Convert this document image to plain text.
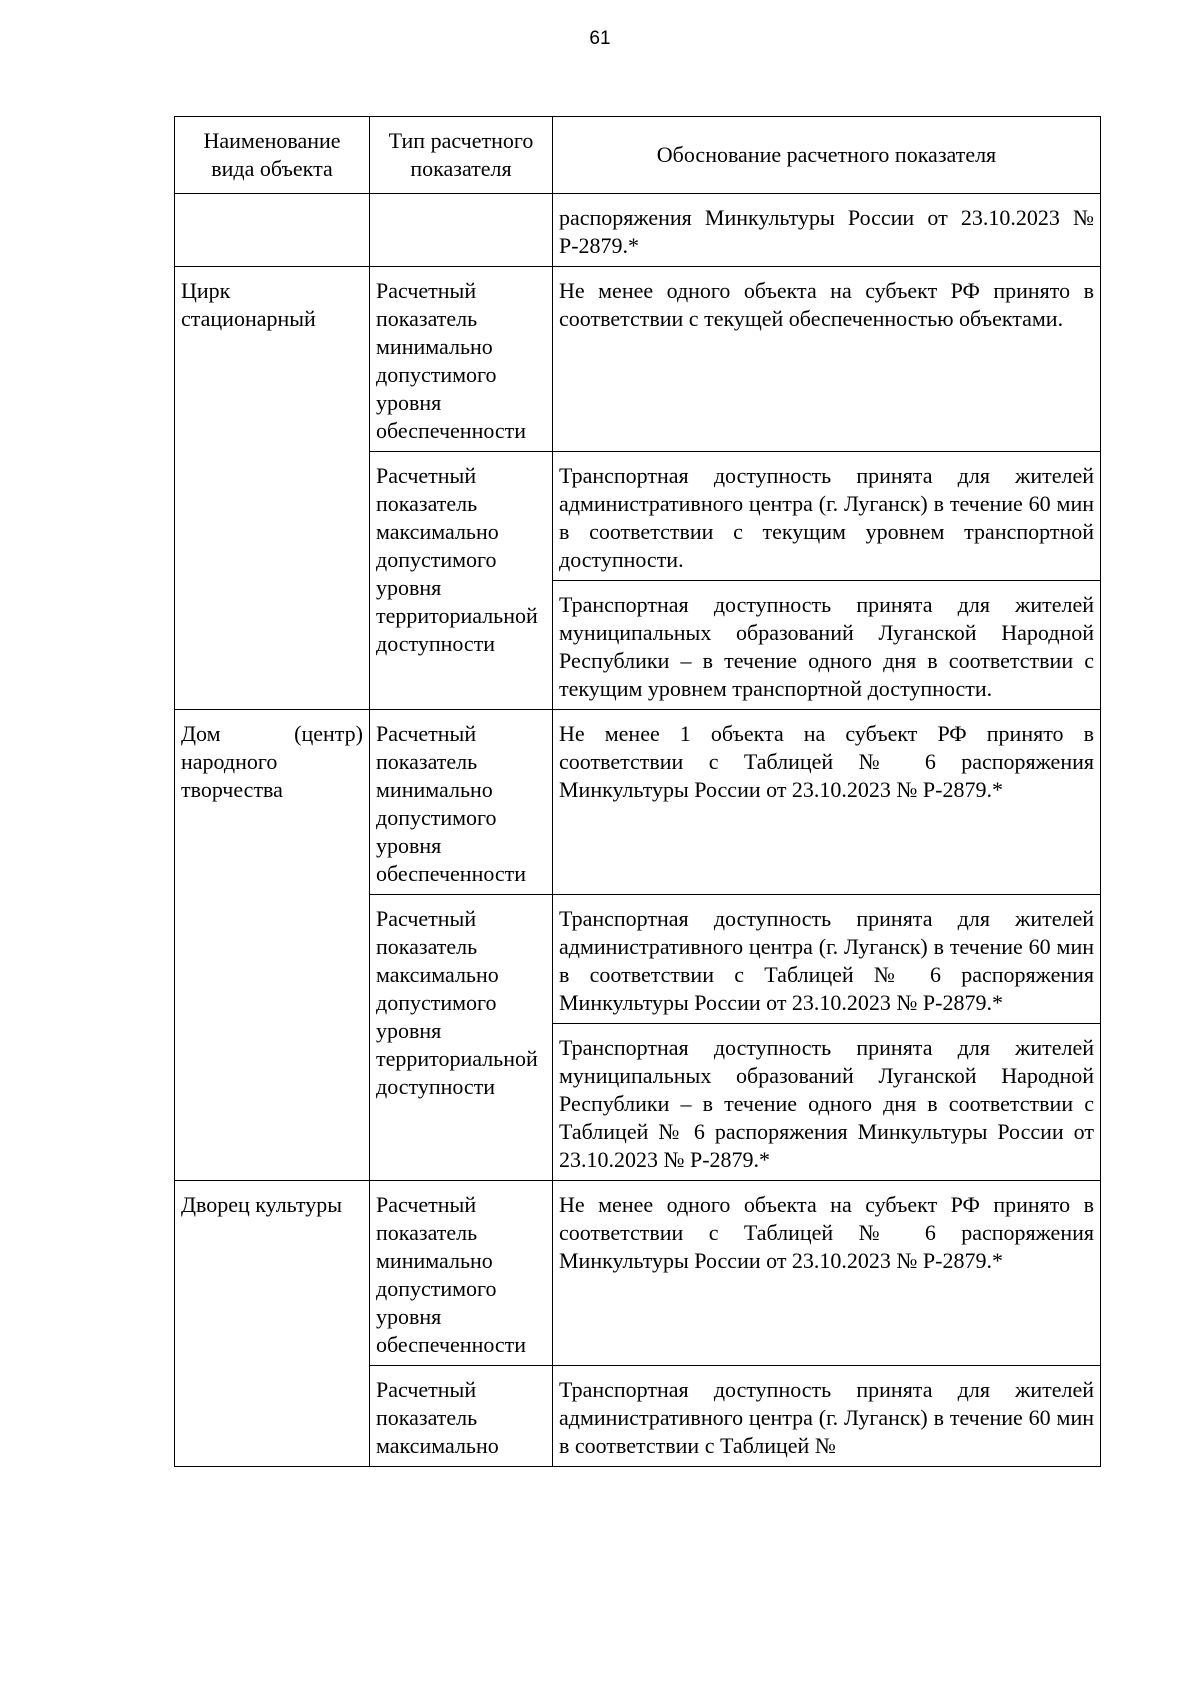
61
Наименование вида объекта	Тип расчетного показателя	Обоснование расчетного показателя
		распоряжения Минкультуры России от 23.10.2023 № Р-2879.*
Цирк стационарный	Расчетный показатель минимально допустимого уровня обеспеченности	Не менее одного объекта на субъект РФ принято в соответствии с текущей обеспеченностью объектами.
	Расчетный показатель максимально допустимого уровня территориальной доступности	Транспортная доступность принята для жителей административного центра (г. Луганск) в течение 60 мин в соответствии с текущим уровнем транспортной доступности.
		Транспортная доступность принята для жителей муниципальных образований Луганской Народной Республики – в течение одного дня в соответствии с текущим уровнем транспортной доступности.
Дом (центр) народного творчества	Расчетный показатель минимально допустимого уровня обеспеченности	Не менее 1 объекта на субъект РФ принято в соответствии с Таблицей № 6 распоряжения Минкультуры России от 23.10.2023 № Р-2879.*
	Расчетный показатель максимально допустимого уровня территориальной доступности	Транспортная доступность принята для жителей административного центра (г. Луганск) в течение 60 мин в соответствии с Таблицей № 6 распоряжения Минкультуры России от 23.10.2023 № Р-2879.*
		Транспортная доступность принята для жителей муниципальных образований Луганской Народной Республики – в течение одного дня в соответствии с Таблицей № 6 распоряжения Минкультуры России от 23.10.2023 № Р-2879.*
Дворец культуры	Расчетный показатель минимально допустимого уровня обеспеченности	Не менее одного объекта на субъект РФ принято в соответствии с Таблицей № 6 распоряжения Минкультуры России от 23.10.2023 № Р-2879.*
	Расчетный показатель максимально	Транспортная доступность принята для жителей административного центра (г. Луганск) в течение 60 мин в соответствии с Таблицей №
